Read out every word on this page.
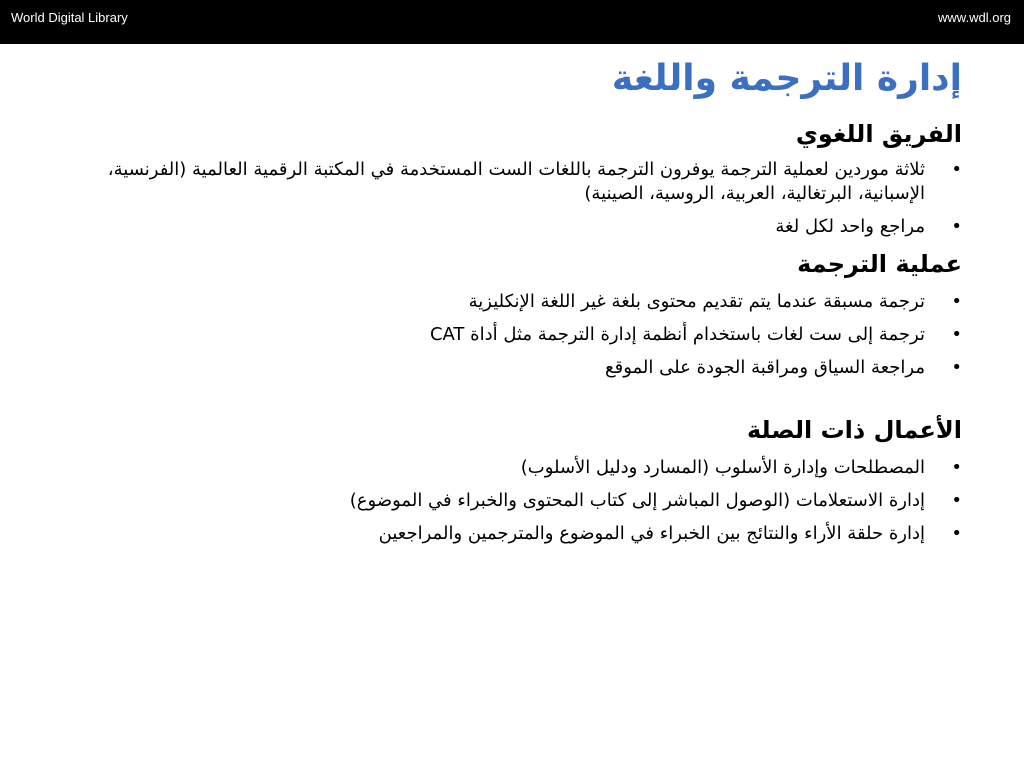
World Digital Library	www.wdl.org
إدارة الترجمة واللغة
الفريق اللغوي
•
ثلاثة موردين لعملية الترجمة يوفرون الترجمة باللغات الست المستخدمة في المكتبة الرقمية العالمية (الفرنسية، الإسبانية، البرتغالية، العربية، الروسية، الصينية)
•
مراجع واحد لكل لغة
عملية الترجمة
•
ترجمة مسبقة عندما يتم تقديم محتوى بلغة غير اللغة الإنكليزية
•
ترجمة إلى ست لغات باستخدام أنظمة إدارة الترجمة مثل أداة CAT
•
مراجعة السياق ومراقبة الجودة على الموقع
الأعمال ذات الصلة
•
المصطلحات وإدارة الأسلوب (المسارد ودليل الأسلوب)
•
إدارة الاستعلامات (الوصول المباشر إلى كتاب المحتوى والخبراء في الموضوع)
•
إدارة حلقة الأراء والنتائج بين الخبراء في الموضوع والمترجمين والمراجعين
